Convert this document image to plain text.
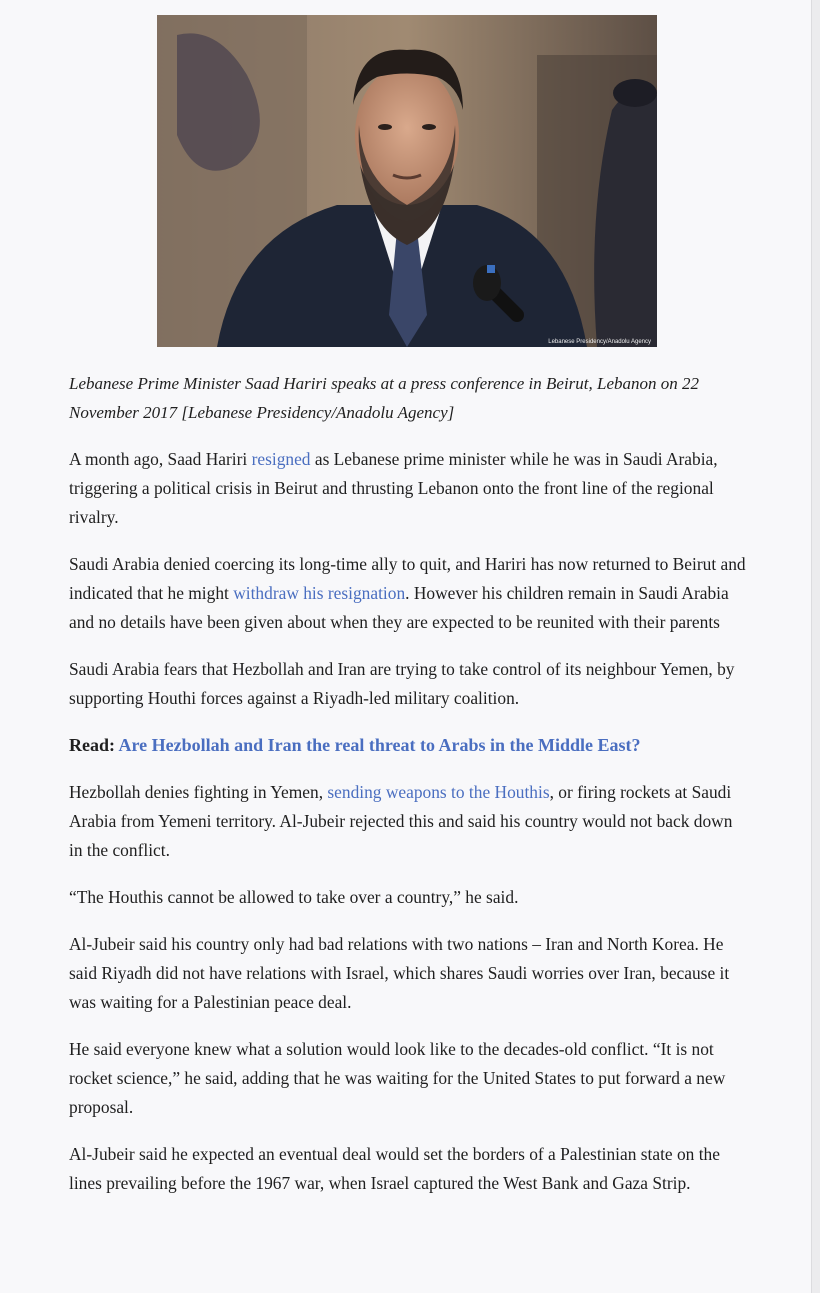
Lebanese Presidency/Anadolu Agency

Lebanese Prime Minister Saad Hariri speaks at a press conference in Beirut, Lebanon on 22 November 2017 [Lebanese Presidency/Anadolu Agency]

A month ago, Saad Hariri resigned as Lebanese prime minister while he was in Saudi Arabia, triggering a political crisis in Beirut and thrusting Lebanon onto the front line of the regional rivalry.

Saudi Arabia denied coercing its long-time ally to quit, and Hariri has now returned to Beirut and indicated that he might withdraw his resignation. However his children remain in Saudi Arabia and no details have been given about when they are expected to be reunited with their parents

Saudi Arabia fears that Hezbollah and Iran are trying to take control of its neighbour Yemen, by supporting Houthi forces against a Riyadh-led military coalition.

Read: Are Hezbollah and Iran the real threat to Arabs in the Middle East?

Hezbollah denies fighting in Yemen, sending weapons to the Houthis, or firing rockets at Saudi Arabia from Yemeni territory. Al-Jubeir rejected this and said his country would not back down in the conflict.

“The Houthis cannot be allowed to take over a country,” he said.

Al-Jubeir said his country only had bad relations with two nations – Iran and North Korea. He said Riyadh did not have relations with Israel, which shares Saudi worries over Iran, because it was waiting for a Palestinian peace deal.

He said everyone knew what a solution would look like to the decades-old conflict. “It is not rocket science,” he said, adding that he was waiting for the United States to put forward a new proposal.

Al-Jubeir said he expected an eventual deal would set the borders of a Palestinian state on the lines prevailing before the 1967 war, when Israel captured the West Bank and Gaza Strip.
